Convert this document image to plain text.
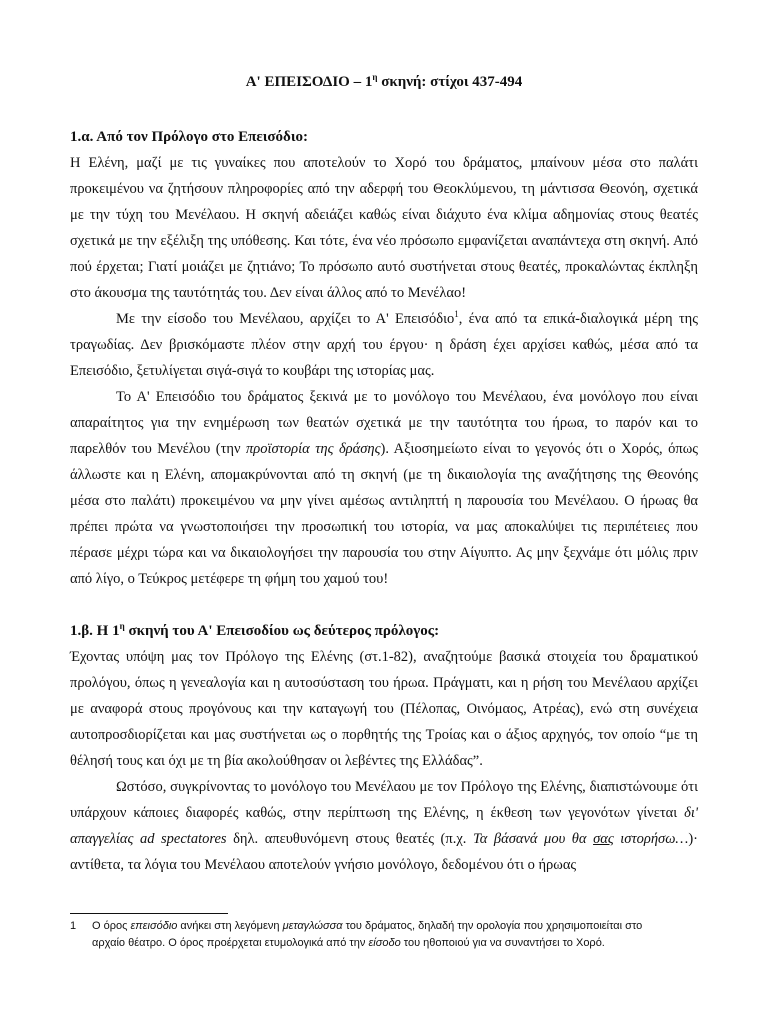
Α' ΕΠΕΙΣΟΔΙΟ – $1^\eta$ σκηνή: στίχοι 437-494

1.α. Από τον Πρόλογο στο Επεισόδιο:

Η Ελένη, μαζί με τις γυναίκες που αποτελούν το Χορό του δράματος, μπαίνουν μέσα στο παλάτι προκειμένου να ζητήσουν πληροφορίες από την αδερφή του Θεοκλύμενου, τη μάντισσα Θεονόη, σχετικά με την τύχη του Μενέλαου. Η σκηνή αδειάζει καθώς είναι διάχυτο ένα κλίμα αδημονίας στους θεατές σχετικά με την εξέλιξη της υπόθεσης. Και τότε, ένα νέο πρόσωπο εμφανίζεται αναπάντεχα στη σκηνή. Από πού έρχεται; Γιατί μοιάζει με ζητιάνο; Το πρόσωπο αυτό συστήνεται στους θεατές, προκαλώντας έκπληξη στο άκουσμα της ταυτότητάς του. Δεν είναι άλλος από το Μενέλαο!

Με την είσοδο του Μενέλαου, αρχίζει το Α' Επεισόδιο$^1$, ένα από τα επικά-διαλογικά μέρη της τραγωδίας. Δεν βρισκόμαστε πλέον στην αρχή του έργου· η δράση έχει αρχίσει καθώς, μέσα από τα Επεισόδιο, ξετυλίγεται σιγά-σιγά το κουβάρι της ιστορίας μας.

Το Α' Επεισόδιο του δράματος ξεκινά με το μονόλογο του Μενέλαου, ένα μονόλογο που είναι απαραίτητος για την ενημέρωση των θεατών σχετικά με την ταυτότητα του ήρωα, το παρόν και το παρελθόν του Μενέλου (την προϊστορία της δράσης). Αξιοσημείωτο είναι το γεγονός ότι ο Χορός, όπως άλλωστε και η Ελένη, απομακρύνονται από τη σκηνή (με τη δικαιολογία της αναζήτησης της Θεονόης μέσα στο παλάτι) προκειμένου να μην γίνει αμέσως αντιληπτή η παρουσία του Μενέλαου. Ο ήρωας θα πρέπει πρώτα να γνωστοποιήσει την προσωπική του ιστορία, να μας αποκαλύψει τις περιπέτειες που πέρασε μέχρι τώρα και να δικαιολογήσει την παρουσία του στην Αίγυπτο. Ας μην ξεχνάμε ότι μόλις πριν από λίγο, ο Τεύκρος μετέφερε τη φήμη του χαμού του!

1.β. Η $1^\eta$ σκηνή του Α' Επεισοδίου ως δεύτερος πρόλογος:

Έχοντας υπόψη μας τον Πρόλογο της Ελένης (στ.1-82), αναζητούμε βασικά στοιχεία του δραματικού προλόγου, όπως η γενεαλογία και η αυτοσύσταση του ήρωα. Πράγματι, και η ρήση του Μενέλαου αρχίζει με αναφορά στους προγόνους και την καταγωγή του (Πέλοπας, Οινόμαος, Ατρέας), ενώ στη συνέχεια αυτοπροσδιορίζεται και μας συστήνεται ως ο πορθητής της Τροίας και ο άξιος αρχηγός, τον οποίο “με τη θέλησή τους και όχι με τη βία ακολούθησαν οι λεβέντες της Ελλάδας”.

Ωστόσο, συγκρίνοντας το μονόλογο του Μενέλαου με τον Πρόλογο της Ελένης, διαπιστώνουμε ότι υπάρχουν κάποιες διαφορές καθώς, στην περίπτωση της Ελένης, η έκθεση των γεγονότων γίνεται δι' απαγγελίας ad spectatores δηλ. απευθυνόμενη στους θεατές (π.χ. Τα βάσανά μου θα σας ιστορήσω…)· αντίθετα, τα λόγια του Μενέλαου αποτελούν γνήσιο μονόλογο, δεδομένου ότι ο ήρωας

1 Ο όρος επεισόδιο ανήκει στη λεγόμενη μεταγλώσσα του δράματος, δηλαδή την ορολογία που χρησιμοποιείται στο
αρχαίο θέατρο. Ο όρος προέρχεται ετυμολογικά από την είσοδο του ηθοποιού για να συναντήσει το Χορό.
